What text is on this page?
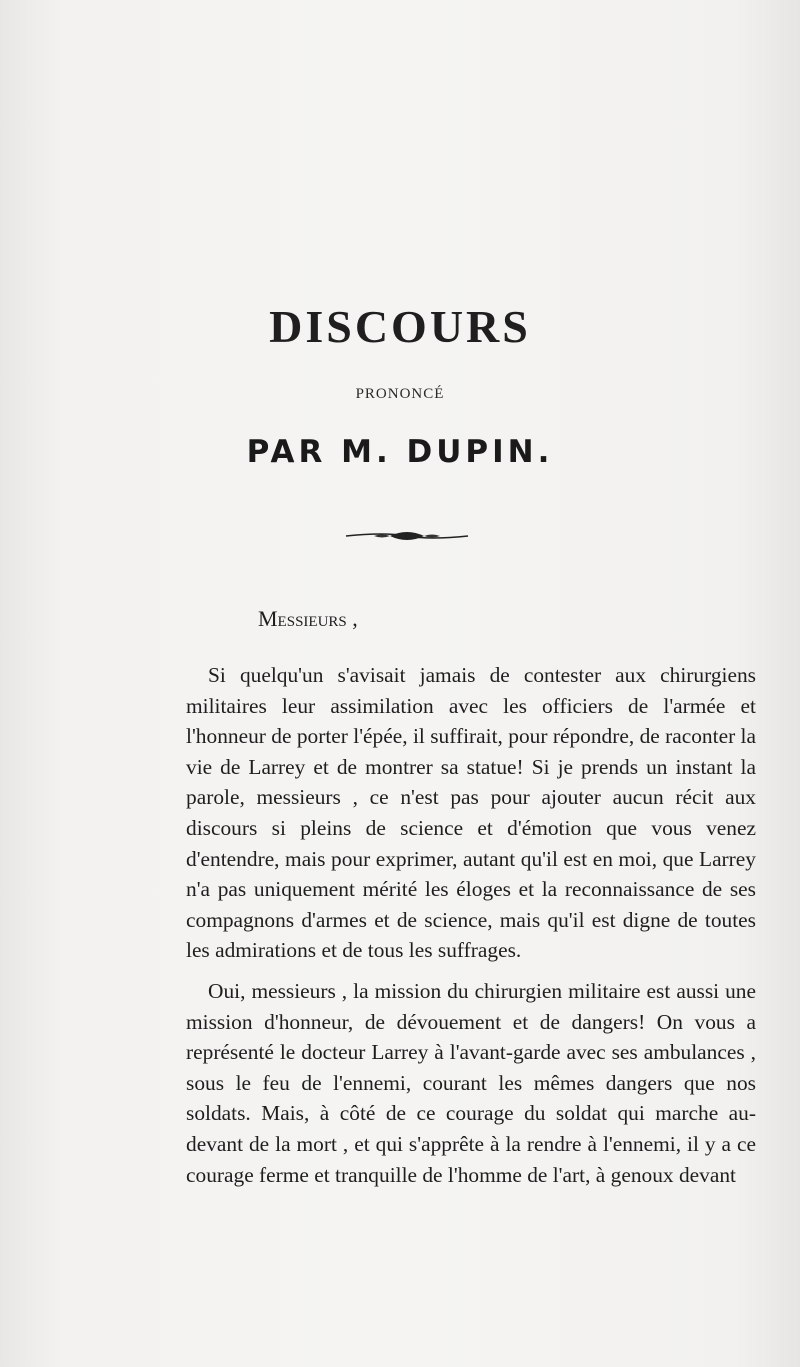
DISCOURS
PRONONCÉ
PAR M. DUPIN.
Messieurs ,

Si quelqu'un s'avisait jamais de contester aux chirurgiens militaires leur assimilation avec les officiers de l'armée et l'honneur de porter l'épée, il suffirait, pour répondre, de raconter la vie de Larrey et de montrer sa statue! Si je prends un instant la parole, messieurs , ce n'est pas pour ajouter aucun récit aux discours si pleins de science et d'émotion que vous venez d'entendre, mais pour exprimer, autant qu'il est en moi, que Larrey n'a pas uniquement mérité les éloges et la reconnaissance de ses compagnons d'armes et de science, mais qu'il est digne de toutes les admirations et de tous les suffrages.

Oui, messieurs , la mission du chirurgien militaire est aussi une mission d'honneur, de dévouement et de dangers! On vous a représenté le docteur Larrey à l'avant-garde avec ses ambulances , sous le feu de l'ennemi, courant les mêmes dangers que nos soldats. Mais, à côté de ce courage du soldat qui marche au-devant de la mort , et qui s'apprête à la rendre à l'ennemi, il y a ce courage ferme et tranquille de l'homme de l'art, à genoux devant
